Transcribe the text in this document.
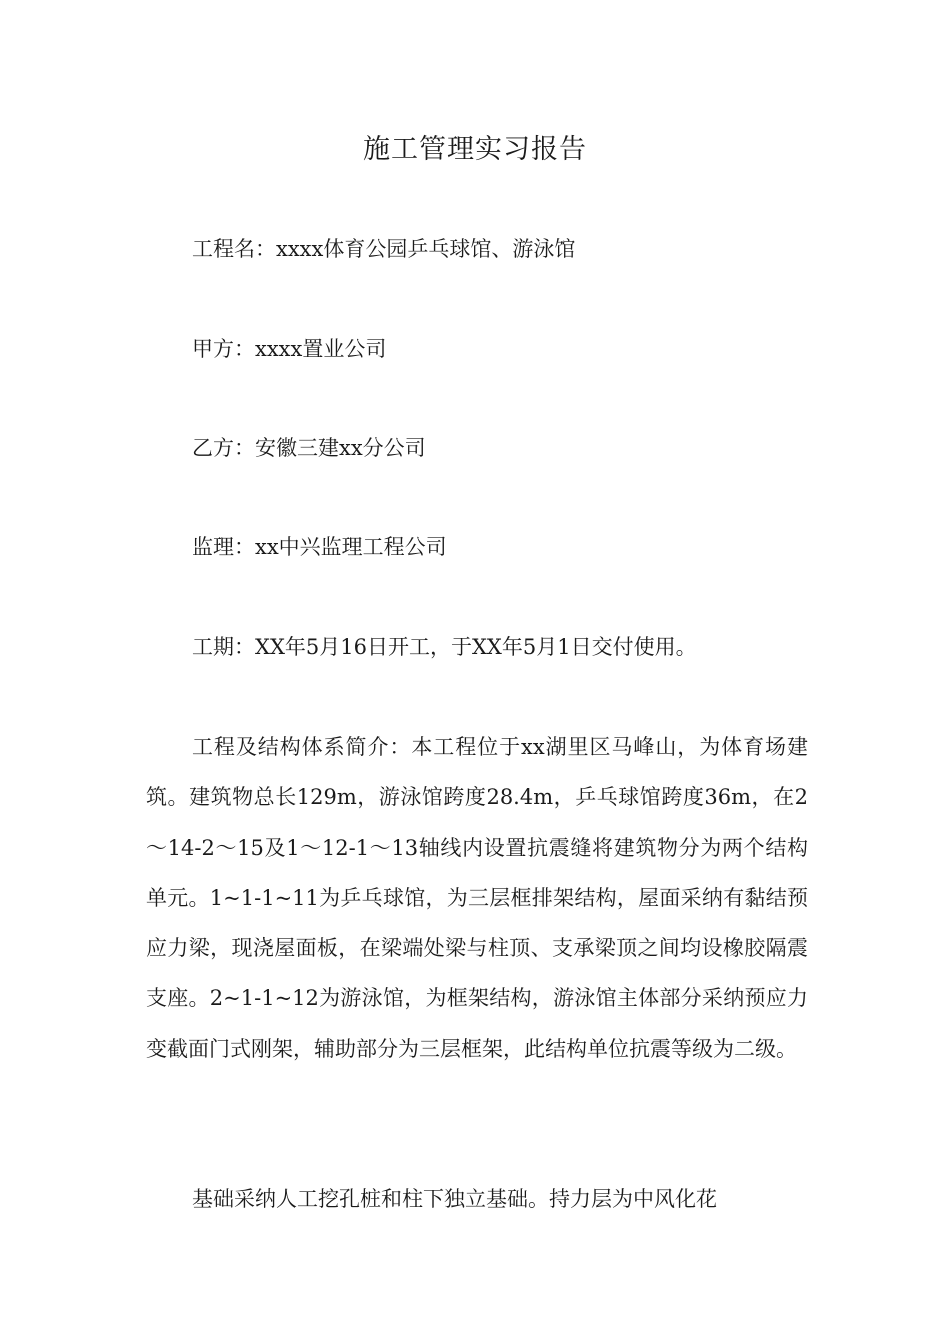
施工管理实习报告
工程名：xxxx体育公园乒乓球馆、游泳馆
甲方：xxxx置业公司
乙方：安徽三建xx分公司
监理：xx中兴监理工程公司
工期：XX年5月16日开工，于XX年5月1日交付使用。

工程及结构体系简介：本工程位于xx湖里区马峰山，为体育场建筑。建筑物总长129m，游泳馆跨度28.4m，乒乓球馆跨度36m，在2～14-2～15及1～12-1～13轴线内设置抗震缝将建筑物分为两个结构单元。1~1-1~11为乒乓球馆，为三层框排架结构，屋面采纳有黏结预应力梁，现浇屋面板，在梁端处梁与柱顶、支承梁顶之间均设橡胶隔震支座。2~1-1~12为游泳馆，为框架结构，游泳馆主体部分采纳预应力变截面门式刚架，辅助部分为三层框架，此结构单位抗震等级为二级。

基础采纳人工挖孔桩和柱下独立基础。持力层为中风化花
